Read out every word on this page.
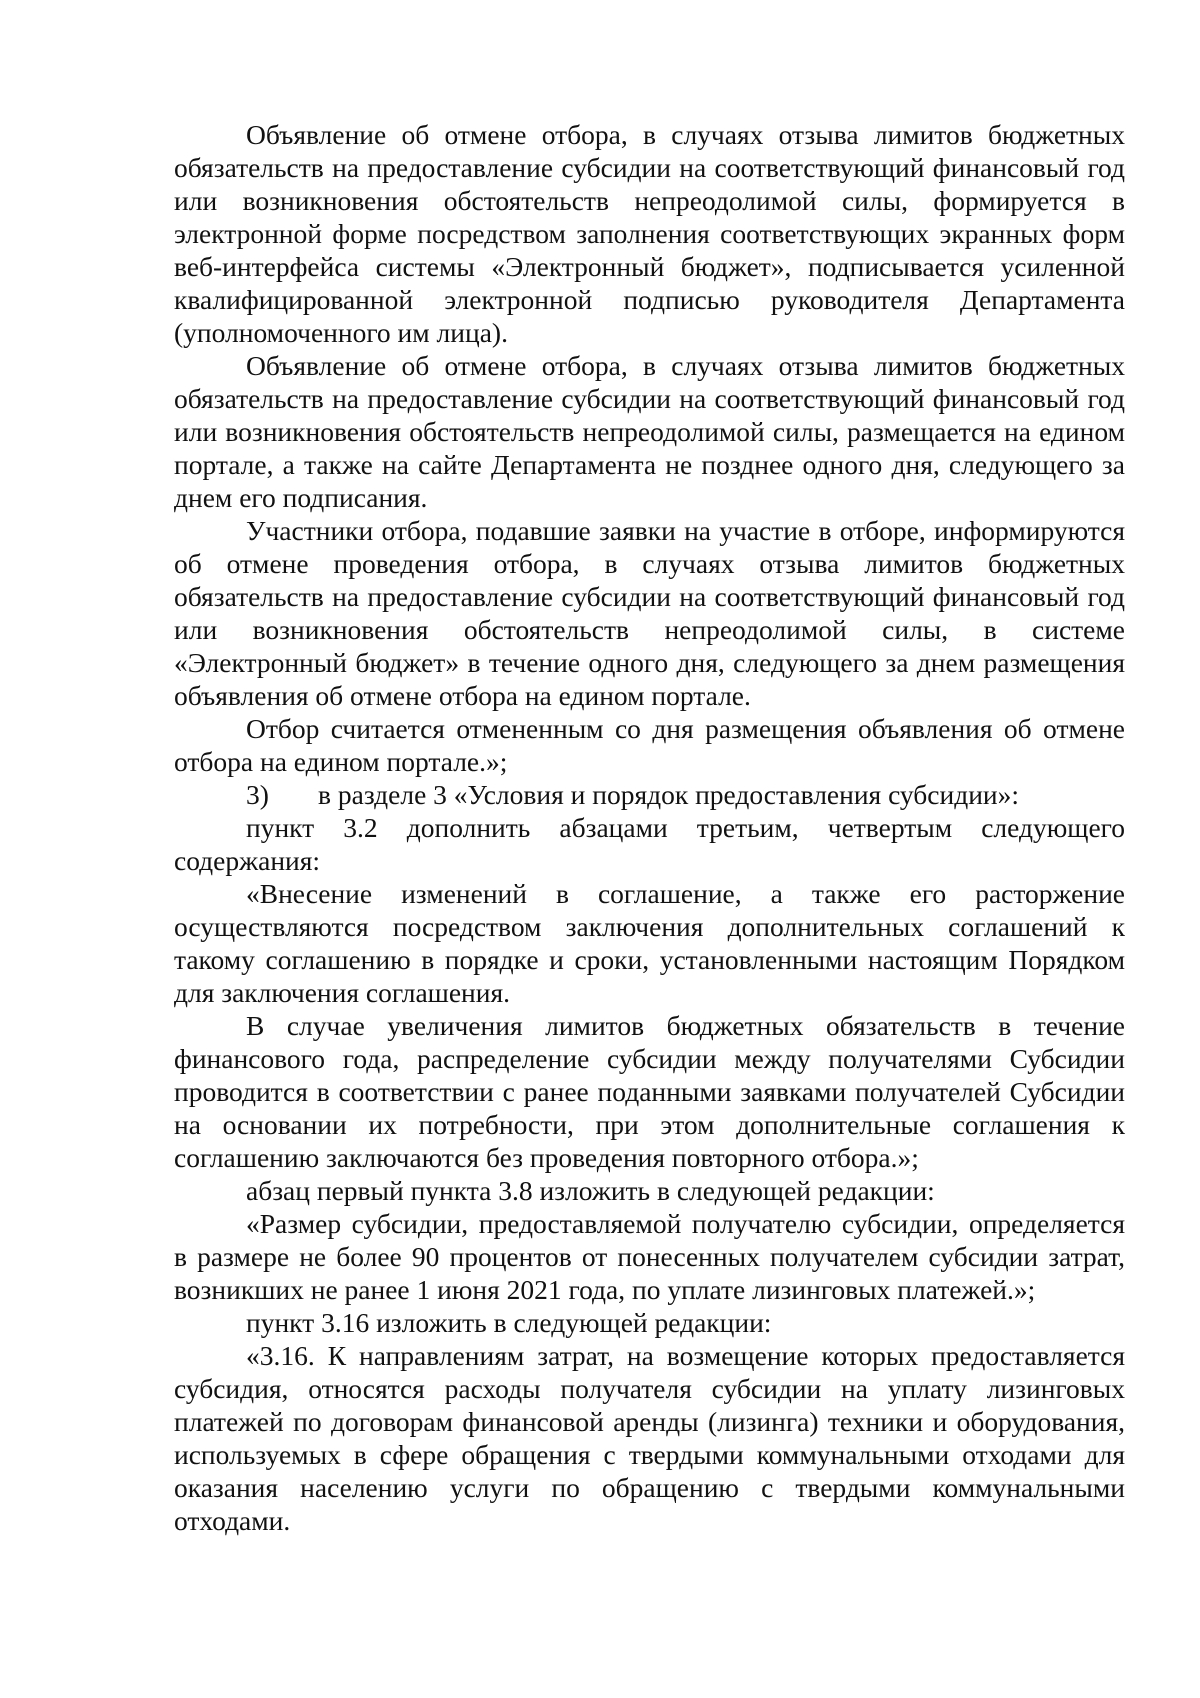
Объявление об отмене отбора, в случаях отзыва лимитов бюджетных обязательств на предоставление субсидии на соответствующий финансовый год или возникновения обстоятельств непреодолимой силы, формируется в электронной форме посредством заполнения соответствующих экранных форм веб-интерфейса системы «Электронный бюджет», подписывается усиленной квалифицированной электронной подписью руководителя Департамента (уполномоченного им лица).

Объявление об отмене отбора, в случаях отзыва лимитов бюджетных обязательств на предоставление субсидии на соответствующий финансовый год или возникновения обстоятельств непреодолимой силы, размещается на едином портале, а также на сайте Департамента не позднее одного дня, следующего за днем его подписания.

Участники отбора, подавшие заявки на участие в отборе, информируются об отмене проведения отбора, в случаях отзыва лимитов бюджетных обязательств на предоставление субсидии на соответствующий финансовый год или возникновения обстоятельств непреодолимой силы, в системе «Электронный бюджет» в течение одного дня, следующего за днем размещения объявления об отмене отбора на едином портале.

Отбор считается отмененным со дня размещения объявления об отмене отбора на едином портале.»;

3) в разделе 3 «Условия и порядок предоставления субсидии»:

пункт 3.2 дополнить абзацами третьим, четвертым следующего содержания:

«Внесение изменений в соглашение, а также его расторжение осуществляются посредством заключения дополнительных соглашений к такому соглашению в порядке и сроки, установленными настоящим Порядком для заключения соглашения.

В случае увеличения лимитов бюджетных обязательств в течение финансового года, распределение субсидии между получателями Субсидии проводится в соответствии с ранее поданными заявками получателей Субсидии на основании их потребности, при этом дополнительные соглашения к соглашению заключаются без проведения повторного отбора.»;

абзац первый пункта 3.8 изложить в следующей редакции:

«Размер субсидии, предоставляемой получателю субсидии, определяется в размере не более 90 процентов от понесенных получателем субсидии затрат, возникших не ранее 1 июня 2021 года, по уплате лизинговых платежей.»;

пункт 3.16 изложить в следующей редакции:

«3.16. К направлениям затрат, на возмещение которых предоставляется субсидия, относятся расходы получателя субсидии на уплату лизинговых платежей по договорам финансовой аренды (лизинга) техники и оборудования, используемых в сфере обращения с твердыми коммунальными отходами для оказания населению услуги по обращению с твердыми коммунальными отходами.
